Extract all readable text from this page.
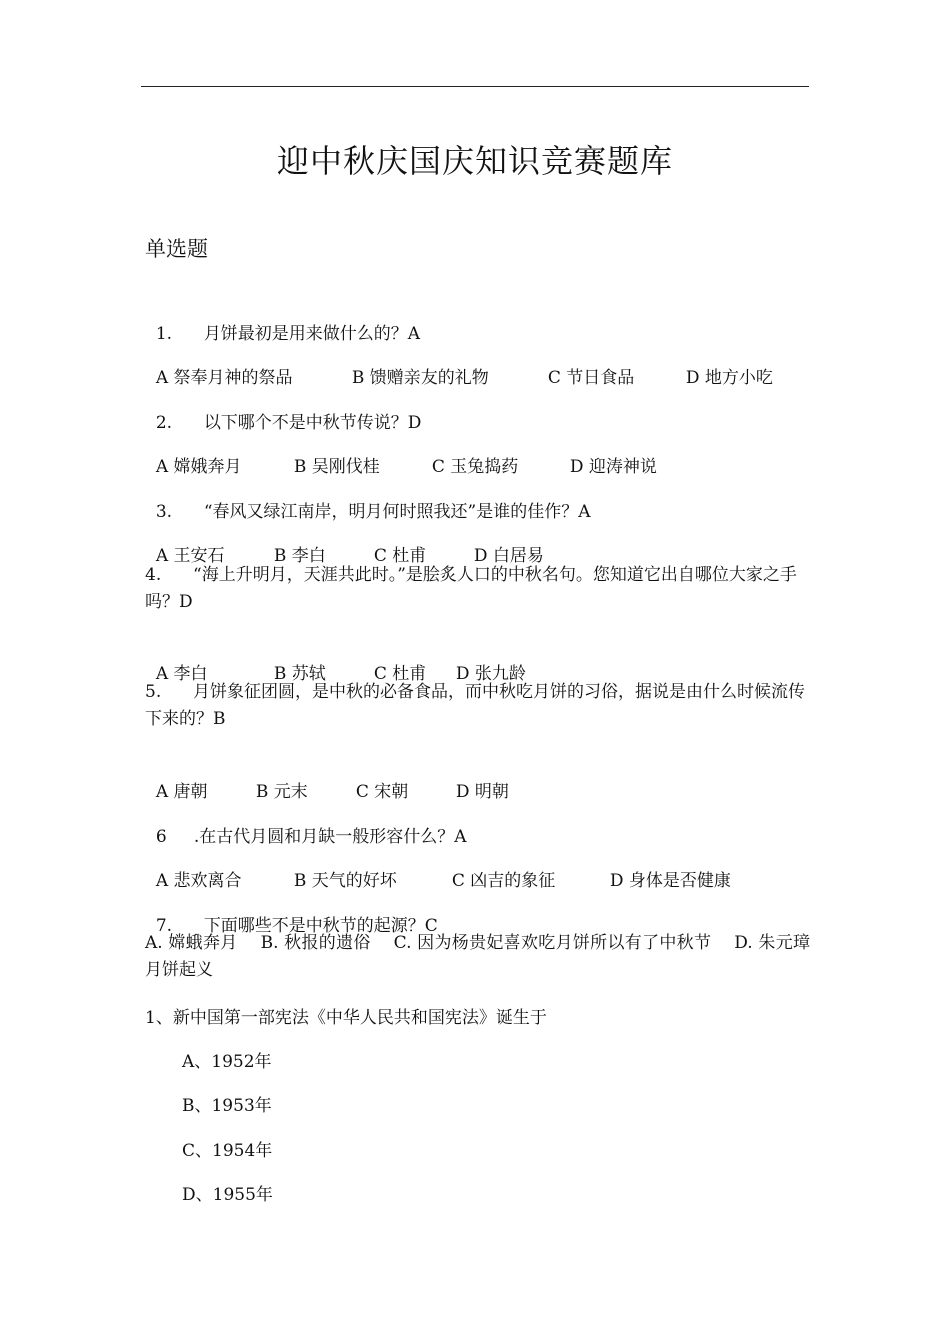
迎中秋庆国庆知识竞赛题库
单选题

1. 月饼最初是用来做什么的？A

A 祭奉月神的祭品	B 馈赠亲友的礼物	C 节日食品	D 地方小吃

2. 以下哪个不是中秋节传说？D

A 嫦娥奔月	B 吴刚伐桂	C 玉兔捣药	D 迎涛神说

3. “春风又绿江南岸，明月何时照我还”是谁的佳作？A

A 王安石	B 李白	C 杜甫	D 白居易

4. “海上升明月，天涯共此时。”是脍炙人口的中秋名句。您知道它出自哪位大家之手吗？D

A 李白	B 苏轼	C 杜甫 D 张九龄

5. 月饼象征团圆，是中秋的必备食品，而中秋吃月饼的习俗，据说是由什么时候流传下来的？B

A 唐朝	B 元末	C 宋朝	D 明朝

6 .在古代月圆和月缺一般形容什么？A

A 悲欢离合	B 天气的好坏	C 凶吉的象征	D 身体是否健康

7. 下面哪些不是中秋节的起源？C

A. 嫦蛾奔月　 B. 秋报的遗俗　 C. 因为杨贵妃喜欢吃月饼所以有了中秋节　 D. 朱元璋月饼起义
1、新中国第一部宪法《中华人民共和国宪法》诞生于
A、1952年
B、1953年
C、1954年
D、1955年
